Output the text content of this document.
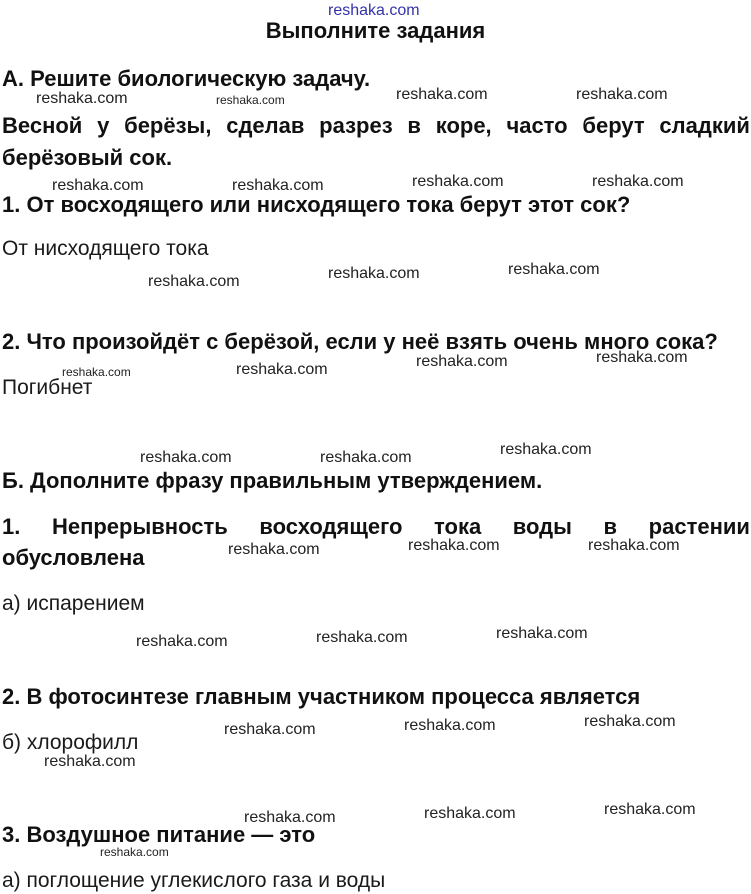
reshaka.com
Выполните задания
А. Решите биологическую задачу.
Весной у берёзы, сделав разрез в коре, часто берут сладкий
берёзовый сок.
1. От восходящего или нисходящего тока берут этот сок?
От нисходящего тока
2. Что произойдёт с берёзой, если у неё взять очень много сока?
Погибнет
Б. Дополните фразу правильным утверждением.
1. Непрерывность восходящего тока воды в растении
обусловлена
а) испарением
2. В фотосинтезе главным участником процесса является
б) хлорофилл
3. Воздушное питание — это
а) поглощение углекислого газа и воды
reshaka.com	reshaka.com	reshaka.com	reshaka.com
reshaka.com	reshaka.com	reshaka.com	reshaka.com
reshaka.com	reshaka.com	reshaka.com
reshaka.com	reshaka.com	reshaka.com	reshaka.com
reshaka.com	reshaka.com	reshaka.com
reshaka.com	reshaka.com	reshaka.com
reshaka.com	reshaka.com	reshaka.com
reshaka.com	reshaka.com	reshaka.com
reshaka.com
reshaka.com	reshaka.com	reshaka.com
reshaka.com
